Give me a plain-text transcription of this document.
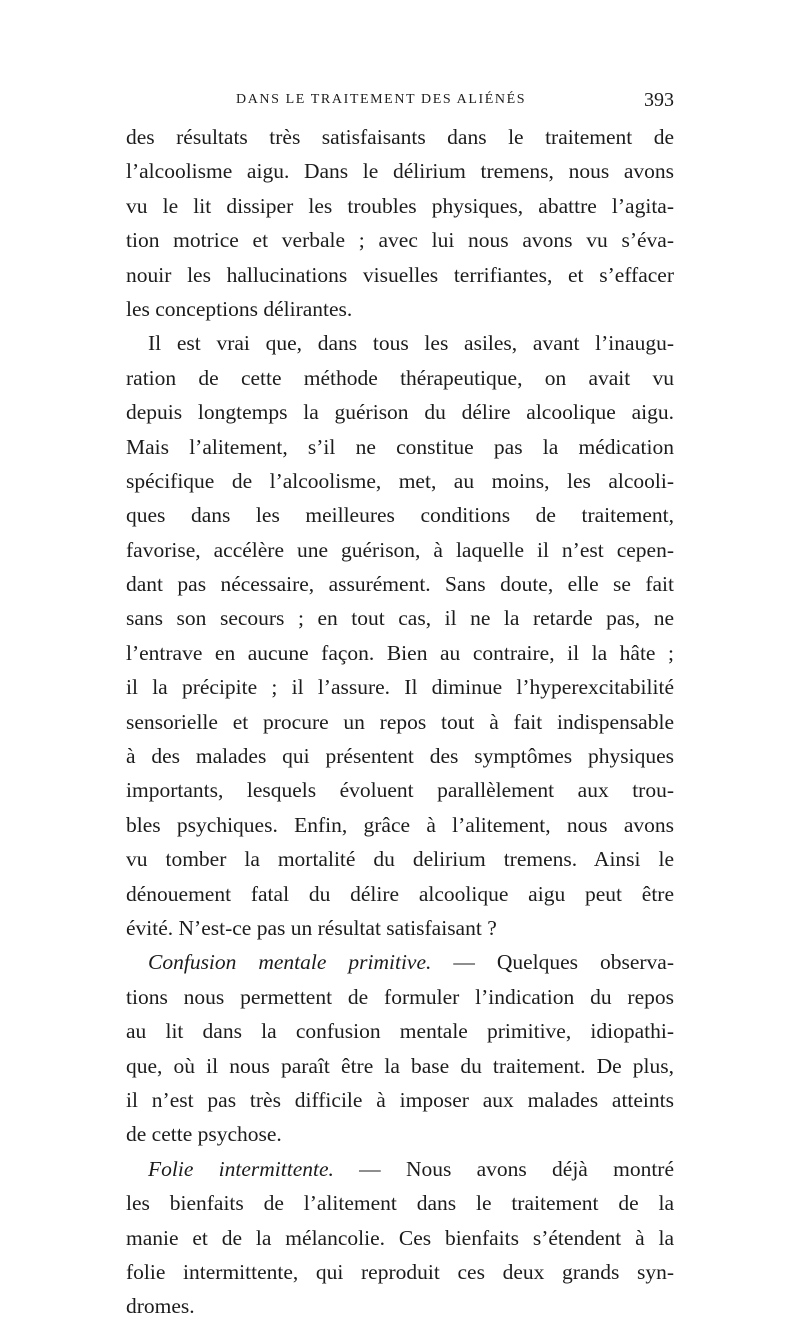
DANS LE TRAITEMENT DES ALIÉNÉS	393
des résultats très satisfaisants dans le traitement de
l’alcoolisme aigu. Dans le délirium tremens, nous avons
vu le lit dissiper les troubles physiques, abattre l’agita-
tion motrice et verbale ; avec lui nous avons vu s’éva-
nouir les hallucinations visuelles terrifiantes, et s’effacer
les conceptions délirantes.
Il est vrai que, dans tous les asiles, avant l’inaugu-
ration de cette méthode thérapeutique, on avait vu
depuis longtemps la guérison du délire alcoolique aigu.
Mais l’alitement, s’il ne constitue pas la médication
spécifique de l’alcoolisme, met, au moins, les alcooli-
ques dans les meilleures conditions de traitement,
favorise, accélère une guérison, à laquelle il n’est cepen-
dant pas nécessaire, assurément. Sans doute, elle se fait
sans son secours ; en tout cas, il ne la retarde pas, ne
l’entrave en aucune façon. Bien au contraire, il la hâte ;
il la précipite ; il l’assure. Il diminue l’hyperexcitabilité
sensorielle et procure un repos tout à fait indispensable
à des malades qui présentent des symptômes physiques
importants, lesquels évoluent parallèlement aux trou-
bles psychiques. Enfin, grâce à l’alitement, nous avons
vu tomber la mortalité du delirium tremens. Ainsi le
dénouement fatal du délire alcoolique aigu peut être
évité. N’est-ce pas un résultat satisfaisant ?
Confusion mentale primitive. — Quelques observa-
tions nous permettent de formuler l’indication du repos
au lit dans la confusion mentale primitive, idiopathi-
que, où il nous paraît être la base du traitement. De plus,
il n’est pas très difficile à imposer aux malades atteints
de cette psychose.
Folie intermittente. — Nous avons déjà montré
les bienfaits de l’alitement dans le traitement de la
manie et de la mélancolie. Ces bienfaits s’étendent à la
folie intermittente, qui reproduit ces deux grands syn-
dromes.
